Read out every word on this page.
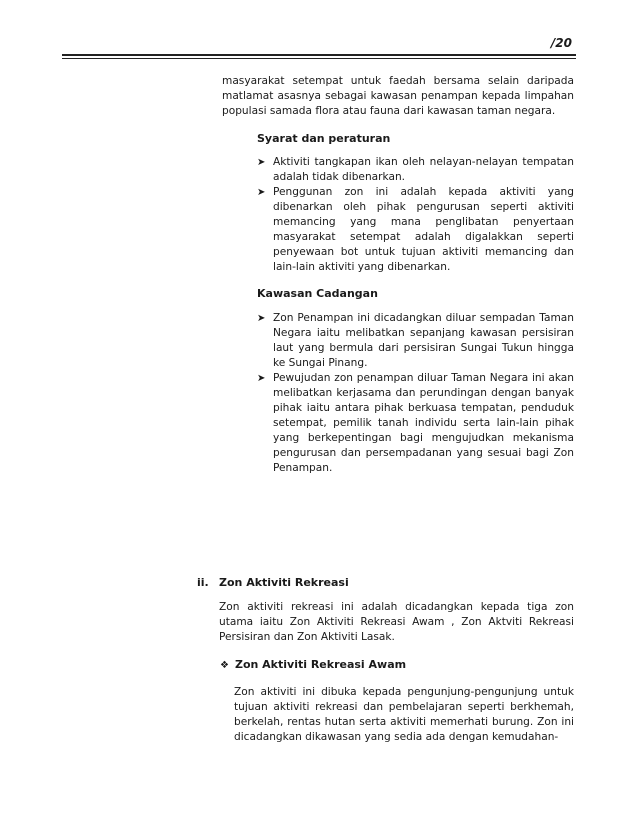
/20
masyarakat setempat untuk faedah bersama selain daripada matlamat asasnya sebagai kawasan penampan kepada limpahan populasi samada flora atau fauna dari kawasan taman negara.
Syarat dan peraturan
➤ Aktiviti tangkapan ikan oleh nelayan-nelayan tempatan adalah tidak dibenarkan.
➤ Penggunan zon ini adalah kepada aktiviti yang dibenarkan oleh pihak pengurusan seperti aktiviti memancing yang mana penglibatan penyertaan masyarakat setempat adalah digalakkan seperti penyewaan bot untuk tujuan aktiviti memancing dan lain-lain aktiviti yang dibenarkan.
Kawasan Cadangan
➤ Zon Penampan ini dicadangkan diluar sempadan Taman Negara iaitu melibatkan sepanjang kawasan persisiran laut yang bermula dari persisiran Sungai Tukun hingga ke Sungai Pinang.
➤ Pewujudan zon penampan diluar Taman Negara ini akan melibatkan kerjasama dan perundingan dengan banyak pihak iaitu antara pihak berkuasa tempatan, penduduk setempat, pemilik tanah individu serta lain-lain pihak yang berkepentingan bagi mengujudkan mekanisma pengurusan dan persempadanan yang sesuai bagi Zon Penampan.
ii. Zon Aktiviti Rekreasi
Zon aktiviti rekreasi ini adalah dicadangkan kepada tiga zon utama iaitu Zon Aktiviti Rekreasi Awam , Zon Aktviti Rekreasi Persisiran dan Zon Aktiviti Lasak.
❖ Zon Aktiviti Rekreasi Awam
Zon aktiviti ini dibuka kepada pengunjung-pengunjung untuk tujuan aktiviti rekreasi dan pembelajaran seperti berkhemah, berkelah, rentas hutan serta aktiviti memerhati burung. Zon ini dicadangkan dikawasan yang sedia ada dengan kemudahan-
